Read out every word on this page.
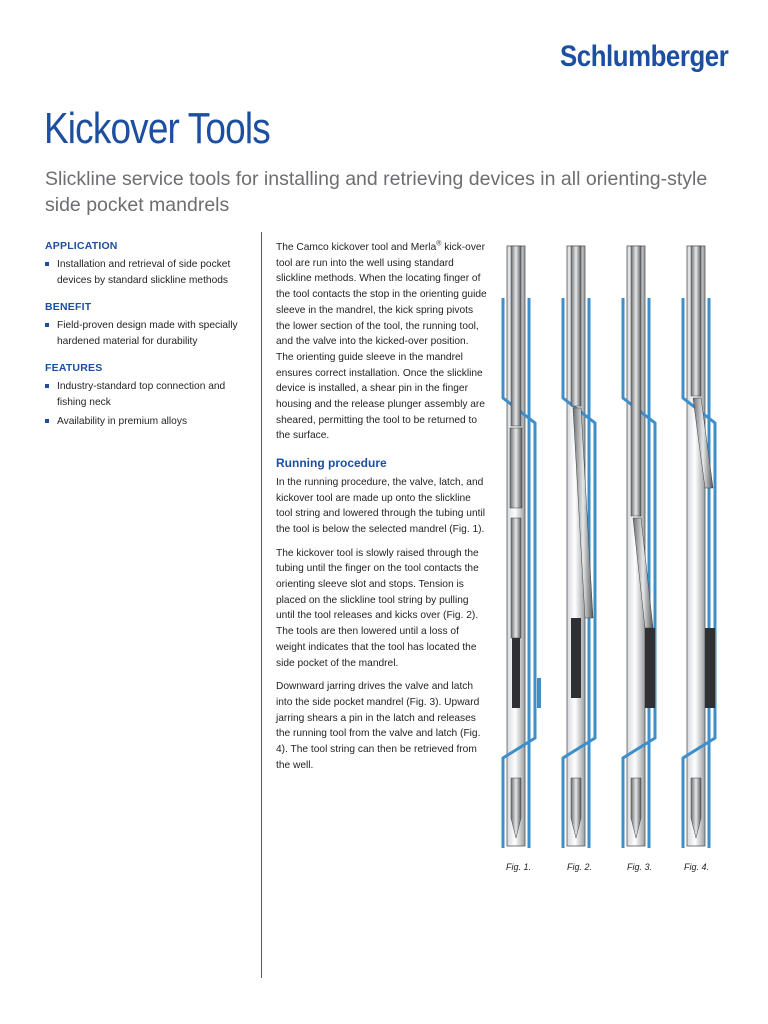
Schlumberger
Kickover Tools

Slickline service tools for installing and retrieving devices in all orienting-style side pocket mandrels

APPLICATION
Installation and retrieval of side pocket devices by standard slickline methods
BENEFIT
Field-proven design made with specially hardened material for durability
FEATURES
Industry-standard top connection and fishing neck
Availability in premium alloys

The Camco kickover tool and Merla® kick-over tool are run into the well using standard slickline methods. When the locating finger of the tool contacts the stop in the orienting guide sleeve in the mandrel, the kick spring pivots the lower section of the tool, the running tool, and the valve into the kicked-over position. The orienting guide sleeve in the mandrel ensures correct installation. Once the slickline device is installed, a shear pin in the finger housing and the release plunger assembly are sheared, permitting the tool to be returned to the surface.

Running procedure

In the running procedure, the valve, latch, and kickover tool are made up onto the slickline tool string and lowered through the tubing until the tool is below the selected mandrel (Fig. 1).

The kickover tool is slowly raised through the tubing until the finger on the tool contacts the orienting sleeve slot and stops. Tension is placed on the slickline tool string by pulling until the tool releases and kicks over (Fig. 2). The tools are then lowered until a loss of weight indicates that the tool has located the side pocket of the mandrel.

Downward jarring drives the valve and latch into the side pocket mandrel (Fig. 3). Upward jarring shears a pin in the latch and releases the running tool from the valve and latch (Fig. 4). The tool string can then be retrieved from the well.

Fig. 1.	Fig. 2.	Fig. 3.	Fig. 4.
